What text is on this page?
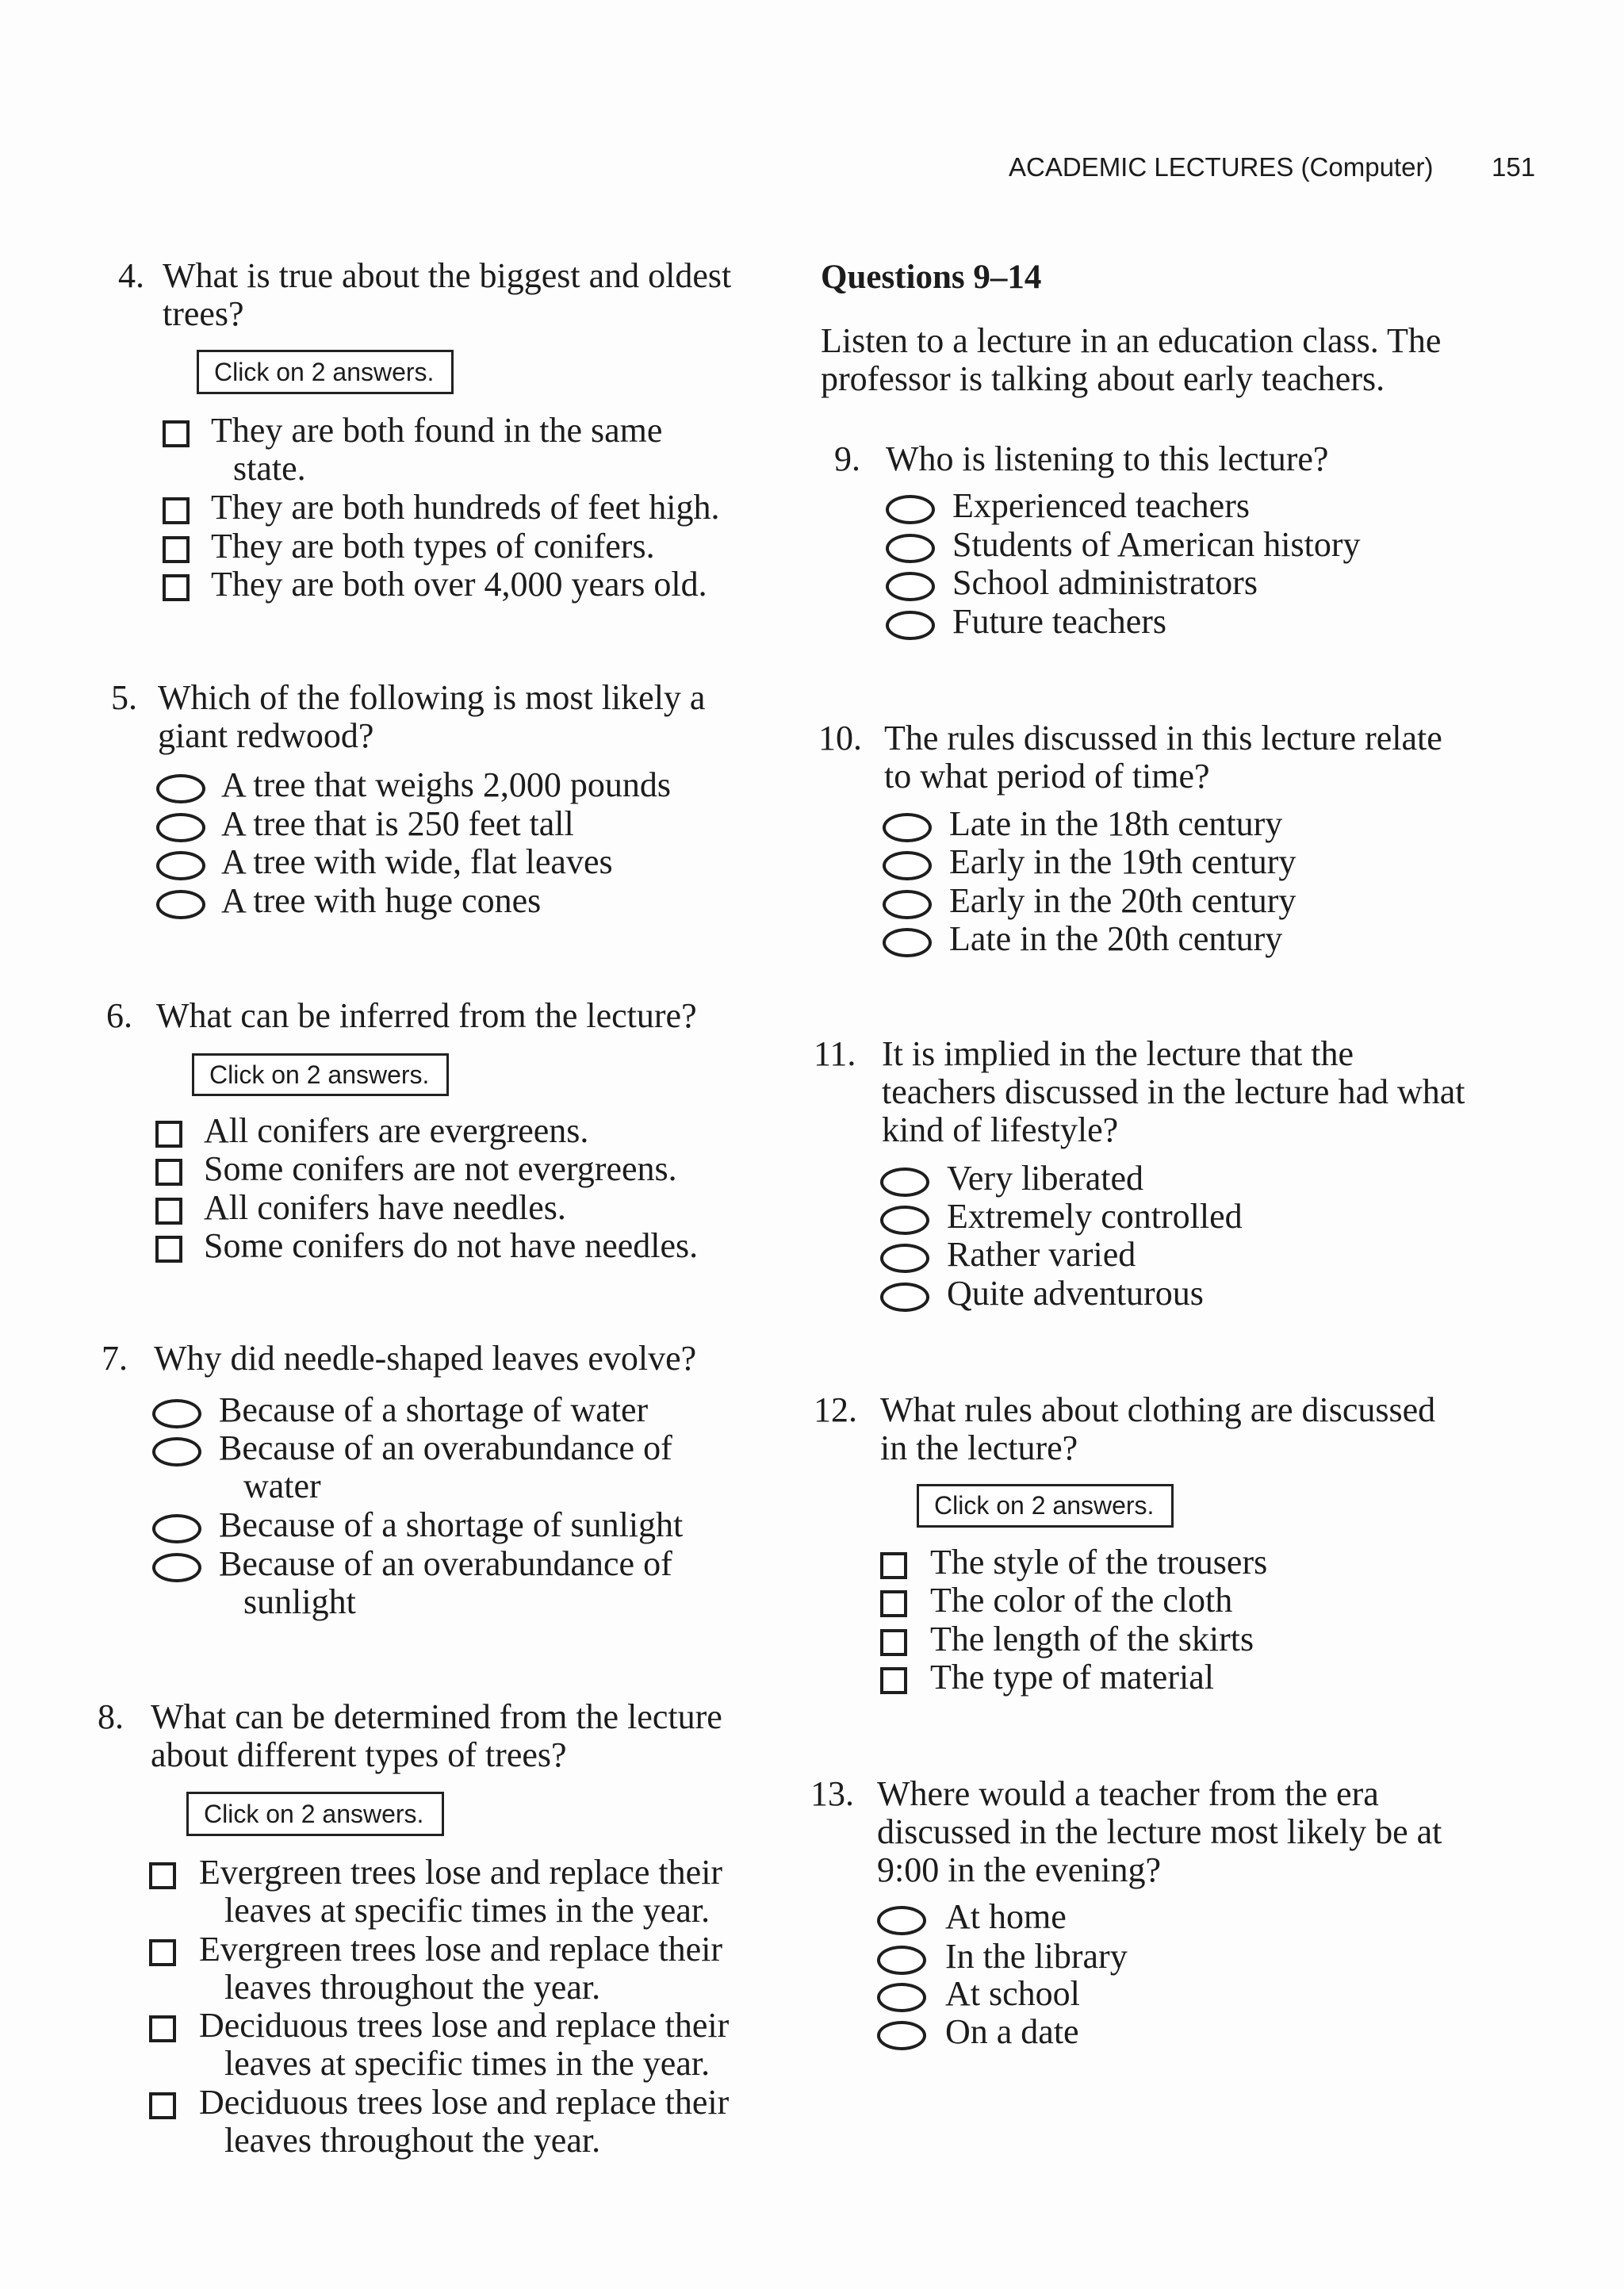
ACADEMIC LECTURES (Computer) 151
4. What is true about the biggest and oldest
trees?
Click on 2 answers.
They are both found in the same
state.
They are both hundreds of feet high.
They are both types of conifers.
They are both over 4,000 years old.
5. Which of the following is most likely a
giant redwood?
A tree that weighs 2,000 pounds
A tree that is 250 feet tall
A tree with wide, flat leaves
A tree with huge cones
6. What can be inferred from the lecture?
Click on 2 answers.
All conifers are evergreens.
Some conifers are not evergreens.
All conifers have needles.
Some conifers do not have needles.
7. Why did needle-shaped leaves evolve?
Because of a shortage of water
Because of an overabundance of
water
Because of a shortage of sunlight
Because of an overabundance of
sunlight
8. What can be determined from the lecture
about different types of trees?
Click on 2 answers.
Evergreen trees lose and replace their
leaves at specific times in the year.
Evergreen trees lose and replace their
leaves throughout the year.
Deciduous trees lose and replace their
leaves at specific times in the year.
Deciduous trees lose and replace their
leaves throughout the year.
Questions 9–14
Listen to a lecture in an education class. The
professor is talking about early teachers.
9. Who is listening to this lecture?
Experienced teachers
Students of American history
School administrators
Future teachers
10. The rules discussed in this lecture relate
to what period of time?
Late in the 18th century
Early in the 19th century
Early in the 20th century
Late in the 20th century
11. It is implied in the lecture that the
teachers discussed in the lecture had what
kind of lifestyle?
Very liberated
Extremely controlled
Rather varied
Quite adventurous
12. What rules about clothing are discussed
in the lecture?
Click on 2 answers.
The style of the trousers
The color of the cloth
The length of the skirts
The type of material
13. Where would a teacher from the era
discussed in the lecture most likely be at
9:00 in the evening?
At home
In the library
At school
On a date
